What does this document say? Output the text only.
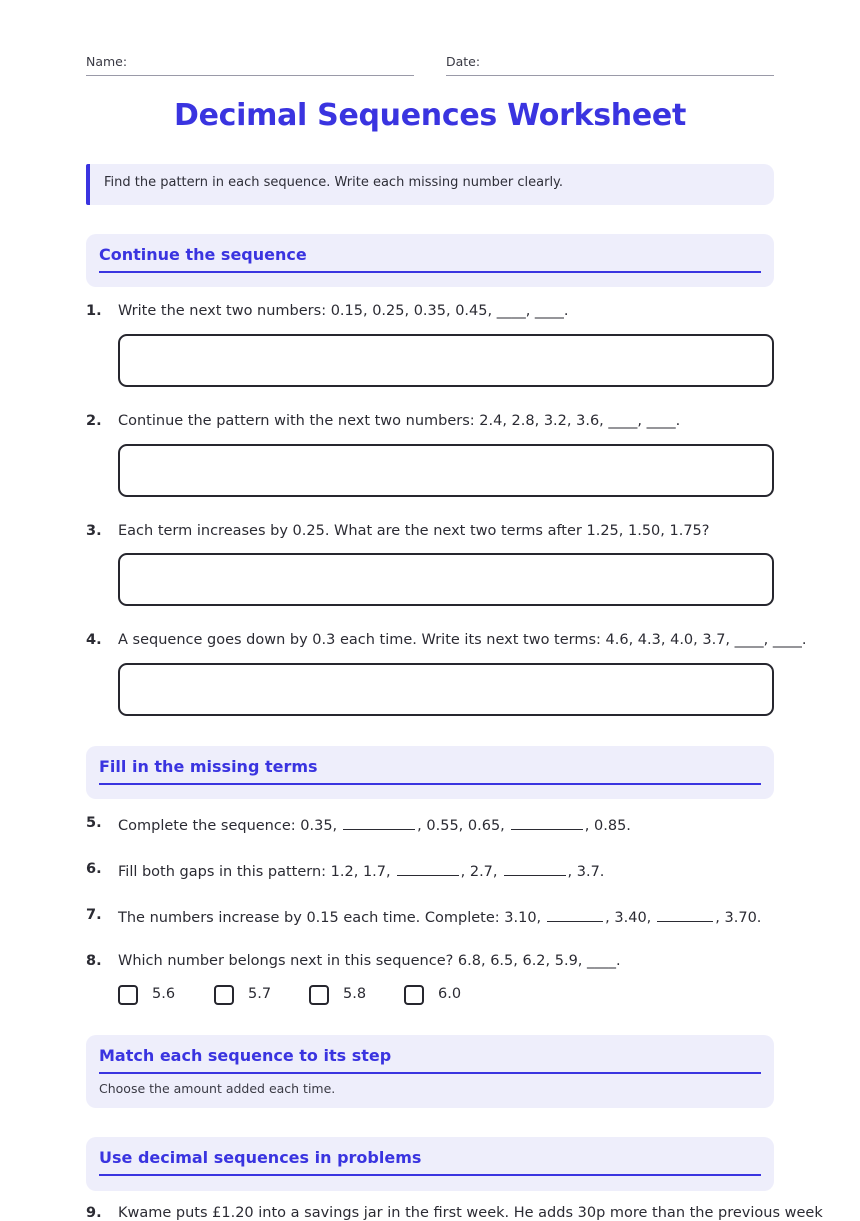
Name:	Date:
Decimal Sequences Worksheet
Find the pattern in each sequence. Write each missing number clearly.
Continue the sequence
1.	Write the next two numbers: 0.15, 0.25, 0.35, 0.45, ____, ____.
2.	Continue the pattern with the next two numbers: 2.4, 2.8, 3.2, 3.6, ____, ____.
3.	Each term increases by 0.25. What are the next two terms after 1.25, 1.50, 1.75?
4.	A sequence goes down by 0.3 each time. Write its next two terms: 4.6, 4.3, 4.0, 3.7, ____, ____.
Fill in the missing terms
5.	Complete the sequence: 0.35,	, 0.55, 0.65,	, 0.85.
6.	Fill both gaps in this pattern: 1.2, 1.7,	, 2.7,	, 3.7.
7.	The numbers increase by 0.15 each time. Complete: 3.10,	, 3.40,	, 3.70.
8.	Which number belongs next in this sequence? 6.8, 6.5, 6.2, 5.9, ____.
5.6	5.7	5.8	6.0
Match each sequence to its step
Choose the amount added each time.
Use decimal sequences in problems
9.	Kwame puts £1.20 into a savings jar in the first week. He adds 30p more than the previous week
